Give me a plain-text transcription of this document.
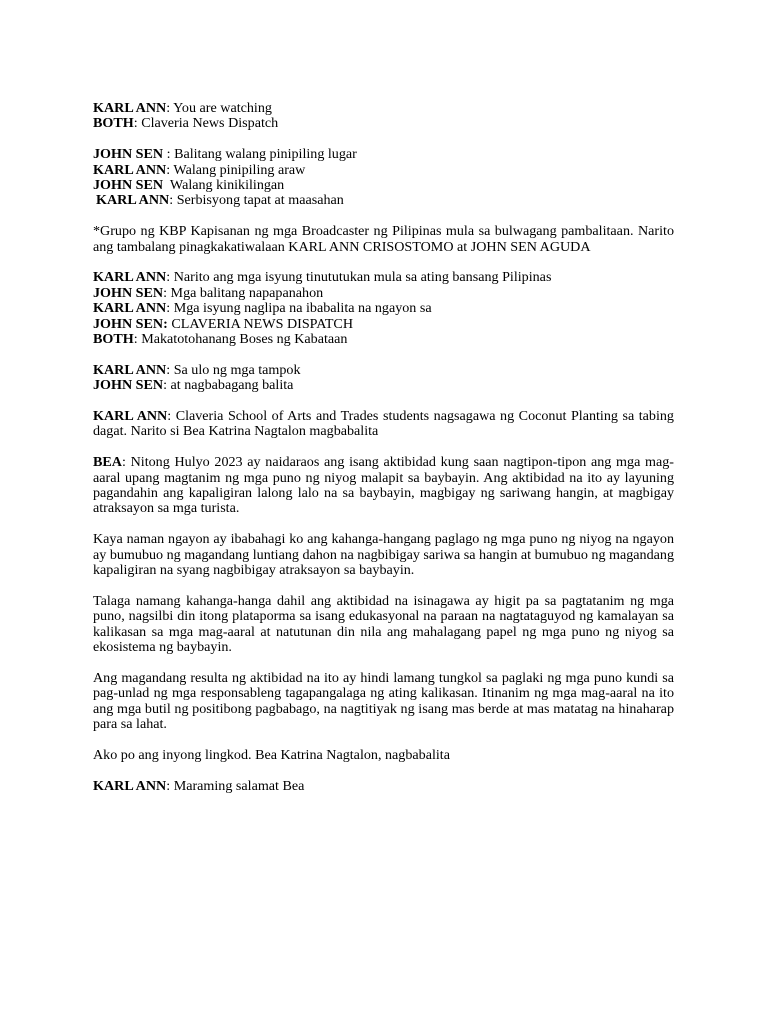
KARL ANN: You are watching

BOTH: Claveria News Dispatch

JOHN SEN : Balitang walang pinipiling lugar

KARL ANN: Walang pinipiling araw

JOHN SEN Walang kinikilingan

KARL ANN: Serbisyong tapat at maasahan

*Grupo ng KBP Kapisanan ng mga Broadcaster ng Pilipinas mula sa bulwagang pambalitaan. Narito ang tambalang pinagkakatiwalaan KARL ANN CRISOSTOMO at JOHN SEN AGUDA

KARL ANN: Narito ang mga isyung tinututukan mula sa ating bansang Pilipinas

JOHN SEN: Mga balitang napapanahon

KARL ANN: Mga isyung naglipa na ibabalita na ngayon sa

JOHN SEN: CLAVERIA NEWS DISPATCH

BOTH: Makatotohanang Boses ng Kabataan

KARL ANN: Sa ulo ng mga tampok

JOHN SEN: at nagbabagang balita

KARL ANN: Claveria School of Arts and Trades students nagsagawa ng Coconut Planting sa tabing dagat. Narito si Bea Katrina Nagtalon magbabalita

BEA: Nitong Hulyo 2023 ay naidaraos ang isang aktibidad kung saan nagtipon-tipon ang mga mag-aaral upang magtanim ng mga puno ng niyog malapit sa baybayin. Ang aktibidad na ito ay layuning pagandahin ang kapaligiran lalong lalo na sa baybayin, magbigay ng sariwang hangin, at magbigay atraksayon sa mga turista.

Kaya naman ngayon ay ibabahagi ko ang kahanga-hangang paglago ng mga puno ng niyog na ngayon ay bumubuo ng magandang luntiang dahon na nagbibigay sariwa sa hangin at bumubuo ng magandang kapaligiran na syang nagbibigay atraksayon sa baybayin.

Talaga namang kahanga-hanga dahil ang aktibidad na isinagawa ay higit pa sa pagtatanim ng mga puno, nagsilbi din itong plataporma sa isang edukasyonal na paraan na nagtataguyod ng kamalayan sa kalikasan sa mga mag-aaral at natutunan din nila ang mahalagang papel ng mga puno ng niyog sa ekosistema ng baybayin.

Ang magandang resulta ng aktibidad na ito ay hindi lamang tungkol sa paglaki ng mga puno kundi sa pag-unlad ng mga responsableng tagapangalaga ng ating kalikasan. Itinanim ng mga mag-aaral na ito ang mga butil ng positibong pagbabago, na nagtitiyak ng isang mas berde at mas matatag na hinaharap para sa lahat.

Ako po ang inyong lingkod. Bea Katrina Nagtalon, nagbabalita

KARL ANN: Maraming salamat Bea
